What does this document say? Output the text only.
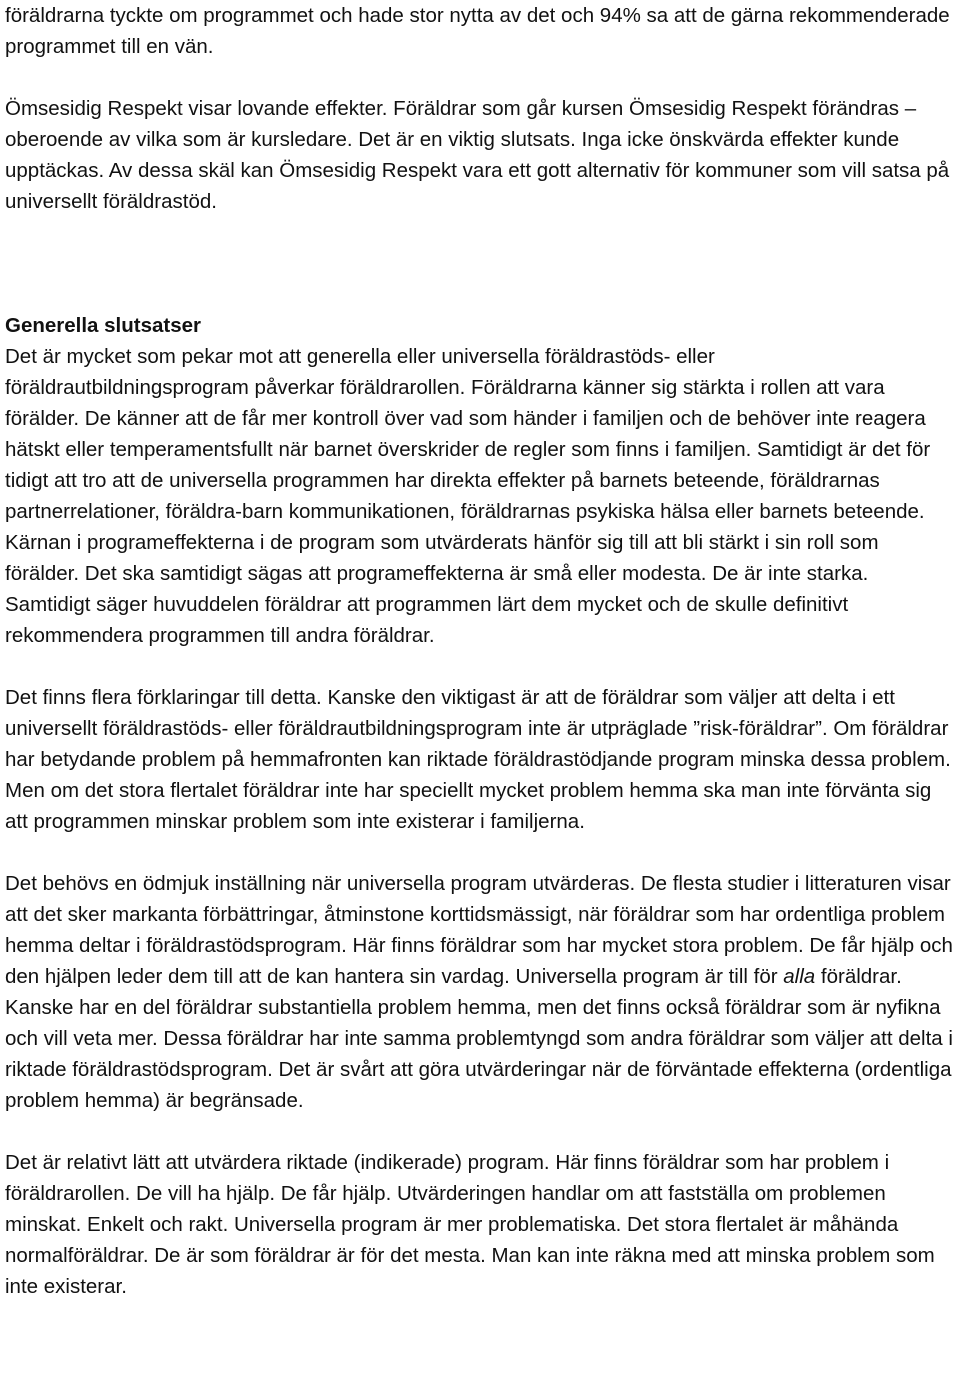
föräldrarna tyckte om programmet och hade stor nytta av det och 94% sa att de gärna rekommenderade programmet till en vän.

Ömsesidig Respekt visar lovande effekter. Föräldrar som går kursen Ömsesidig Respekt förändras – oberoende av vilka som är kursledare. Det är en viktig slutsats. Inga icke önskvärda effekter kunde upptäckas. Av dessa skäl kan Ömsesidig Respekt vara ett gott alternativ för kommuner som vill satsa på universellt föräldrastöd.

Generella slutsatser

Det är mycket som pekar mot att generella eller universella föräldrastöds- eller föräldrautbildningsprogram påverkar föräldrarollen. Föräldrarna känner sig stärkta i rollen att vara förälder. De känner att de får mer kontroll över vad som händer i familjen och de behöver inte reagera hätskt eller temperamentsfullt när barnet överskrider de regler som finns i familjen. Samtidigt är det för tidigt att tro att de universella programmen har direkta effekter på barnets beteende, föräldrarnas partnerrelationer, föräldra-barn kommunikationen, föräldrarnas psykiska hälsa eller barnets beteende. Kärnan i programeffekterna i de program som utvärderats hänför sig till att bli stärkt i sin roll som förälder. Det ska samtidigt sägas att programeffekterna är små eller modesta. De är inte starka. Samtidigt säger huvuddelen föräldrar att programmen lärt dem mycket och de skulle definitivt rekommendera programmen till andra föräldrar.

Det finns flera förklaringar till detta. Kanske den viktigast är att de föräldrar som väljer att delta i ett universellt föräldrastöds- eller föräldrautbildningsprogram inte är utpräglade ”risk-föräldrar”. Om föräldrar har betydande problem på hemmafronten kan riktade föräldrastödjande program minska dessa problem. Men om det stora flertalet föräldrar inte har speciellt mycket problem hemma ska man inte förvänta sig att programmen minskar problem som inte existerar i familjerna.

Det behövs en ödmjuk inställning när universella program utvärderas. De flesta studier i litteraturen visar att det sker markanta förbättringar, åtminstone korttidsmässigt, när föräldrar som har ordentliga problem hemma deltar i föräldrastödsprogram. Här finns föräldrar som har mycket stora problem. De får hjälp och den hjälpen leder dem till att de kan hantera sin vardag. Universella program är till för alla föräldrar. Kanske har en del föräldrar substantiella problem hemma, men det finns också föräldrar som är nyfikna och vill veta mer. Dessa föräldrar har inte samma problemtyngd som andra föräldrar som väljer att delta i riktade föräldrastödsprogram. Det är svårt att göra utvärderingar när de förväntade effekterna (ordentliga problem hemma) är begränsade.

Det är relativt lätt att utvärdera riktade (indikerade) program. Här finns föräldrar som har problem i föräldrarollen. De vill ha hjälp. De får hjälp. Utvärderingen handlar om att fastställa om problemen minskat. Enkelt och rakt. Universella program är mer problematiska. Det stora flertalet är måhända normalföräldrar. De är som föräldrar är för det mesta. Man kan inte räkna med att minska problem som inte existerar.
